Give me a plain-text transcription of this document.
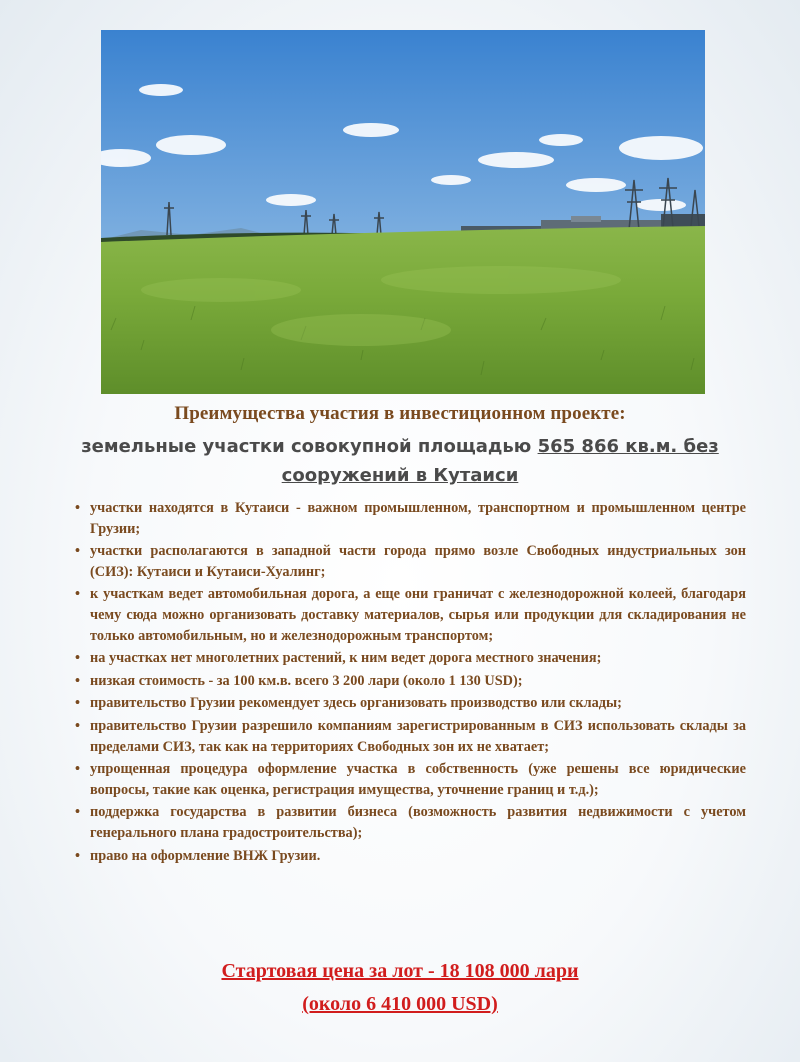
Преимущества участия в инвестиционном проекте:

земельные участки совокупной площадью 565 866 кв.м. без сооружений в Кутаиси

• участки находятся в Кутаиси - важном промышленном, транспортном и промышленном центре Грузии;
• участки располагаются в западной части города прямо возле Свободных индустриальных зон (СИЗ): Кутаиси и Кутаиси-Хуалинг;
• к участкам ведет автомобильная дорога, а еще они граничат с железнодорожной колеей, благодаря чему сюда можно организовать доставку материалов, сырья или продукции для складирования не только автомобильным, но и железнодорожным транспортом;
• на участках нет многолетних растений, к ним ведет дорога местного значения;
• низкая стоимость - за 100 км.в. всего 3 200 лари (около 1 130 USD);
• правительство Грузии рекомендует здесь организовать производство или склады;
• правительство Грузии разрешило компаниям зарегистрированным в СИЗ использовать склады за пределами СИЗ, так как на территориях Свободных зон их не хватает;
• упрощенная процедура оформление участка в собственность (уже решены все юридические вопросы, такие как оценка, регистрация имущества, уточнение границ и т.д.);
• поддержка государства в развитии бизнеса (возможность развития недвижимости с учетом генерального плана градостроительства);
• право на оформление ВНЖ Грузии.

Стартовая цена за лот - 18 108 000 лари

(около 6 410 000 USD)
